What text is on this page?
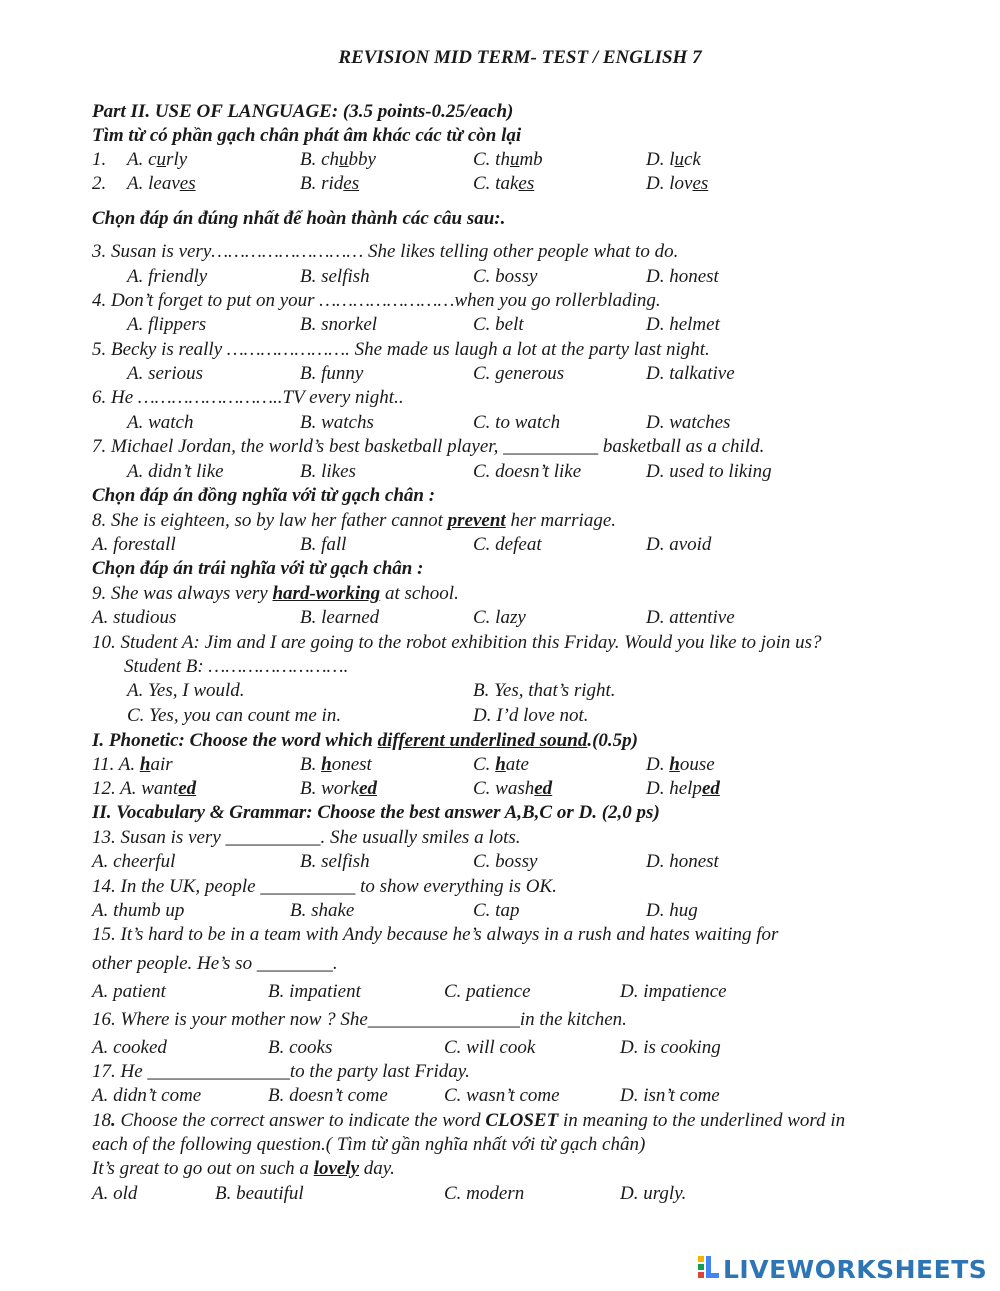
REVISION MID TERM- TEST / ENGLISH 7
Part II. USE OF LANGUAGE: (3.5 points-0.25/each)
Tìm từ có phần gạch chân phát âm khác các từ còn lại
1. A. curly	B. chubby	C. thumb	D. luck
2. A. leaves	B. rides	C. takes	D. loves
Chọn đáp án đúng nhất để hoàn thành các câu sau:.
3. Susan is very……………………… She likes telling other people what to do.
A. friendly	B. selfish	C. bossy	D. honest
4. Don’t forget to put on your ……………………when you go rollerblading.
A. flippers	B. snorkel	C. belt	D. helmet
5. Becky is really …………………. She made us laugh a lot at the party last night.
A. serious	B. funny	C. generous	D. talkative
6. He ……………………..TV every night..
A. watch	B. watchs	C. to watch	D. watches
7. Michael Jordan, the world’s best basketball player, __________ basketball as a child.
A. didn’t like	B. likes	C. doesn’t like	D. used to liking
Chọn đáp án đồng nghĩa với từ gạch chân :
8. She is eighteen, so by law her father cannot prevent her marriage.
A. forestall	B. fall	C. defeat	D. avoid
Chọn đáp án trái nghĩa với từ gạch chân :
9. She was always very hard-working at school.
A. studious	B. learned	C. lazy	D. attentive
10. Student A: Jim and I are going to the robot exhibition this Friday. Would you like to join us?
Student B: …………………….
A. Yes, I would.	B. Yes, that’s right.
C. Yes, you can count me in.	D. I’d love not.
I. Phonetic: Choose the word which different underlined sound.(0.5p)
11. A. hair	B. honest	C. hate	D. house
12. A. wanted	B. worked	C. washed	D. helped
II. Vocabulary & Grammar: Choose the best answer A,B,C or D. (2,0 ps)
13. Susan is very __________. She usually smiles a lots.
A. cheerful	B. selfish	C. bossy	D. honest
14. In the UK, people __________ to show everything is OK.
A. thumb up	B. shake	C. tap	D. hug
15. It’s hard to be in a team with Andy because he’s always in a rush and hates waiting for
other people. He’s so ________.
A. patient	B. impatient	C. patience	D. impatience
16. Where is your mother now ? She________________in the kitchen.
A. cooked	B. cooks	C. will cook	D. is cooking
17. He _______________to the party last Friday.
A. didn’t come	B. doesn’t come	C. wasn’t come	D. isn’t come
18. Choose the correct answer to indicate the word CLOSET in meaning to the underlined word in
each of the following question.( Tìm từ gần nghĩa nhất với từ gạch chân)
It’s great to go out on such a lovely day.
A. old	B. beautiful	C. modern	D. urgly.
LIVEWORKSHEETS
